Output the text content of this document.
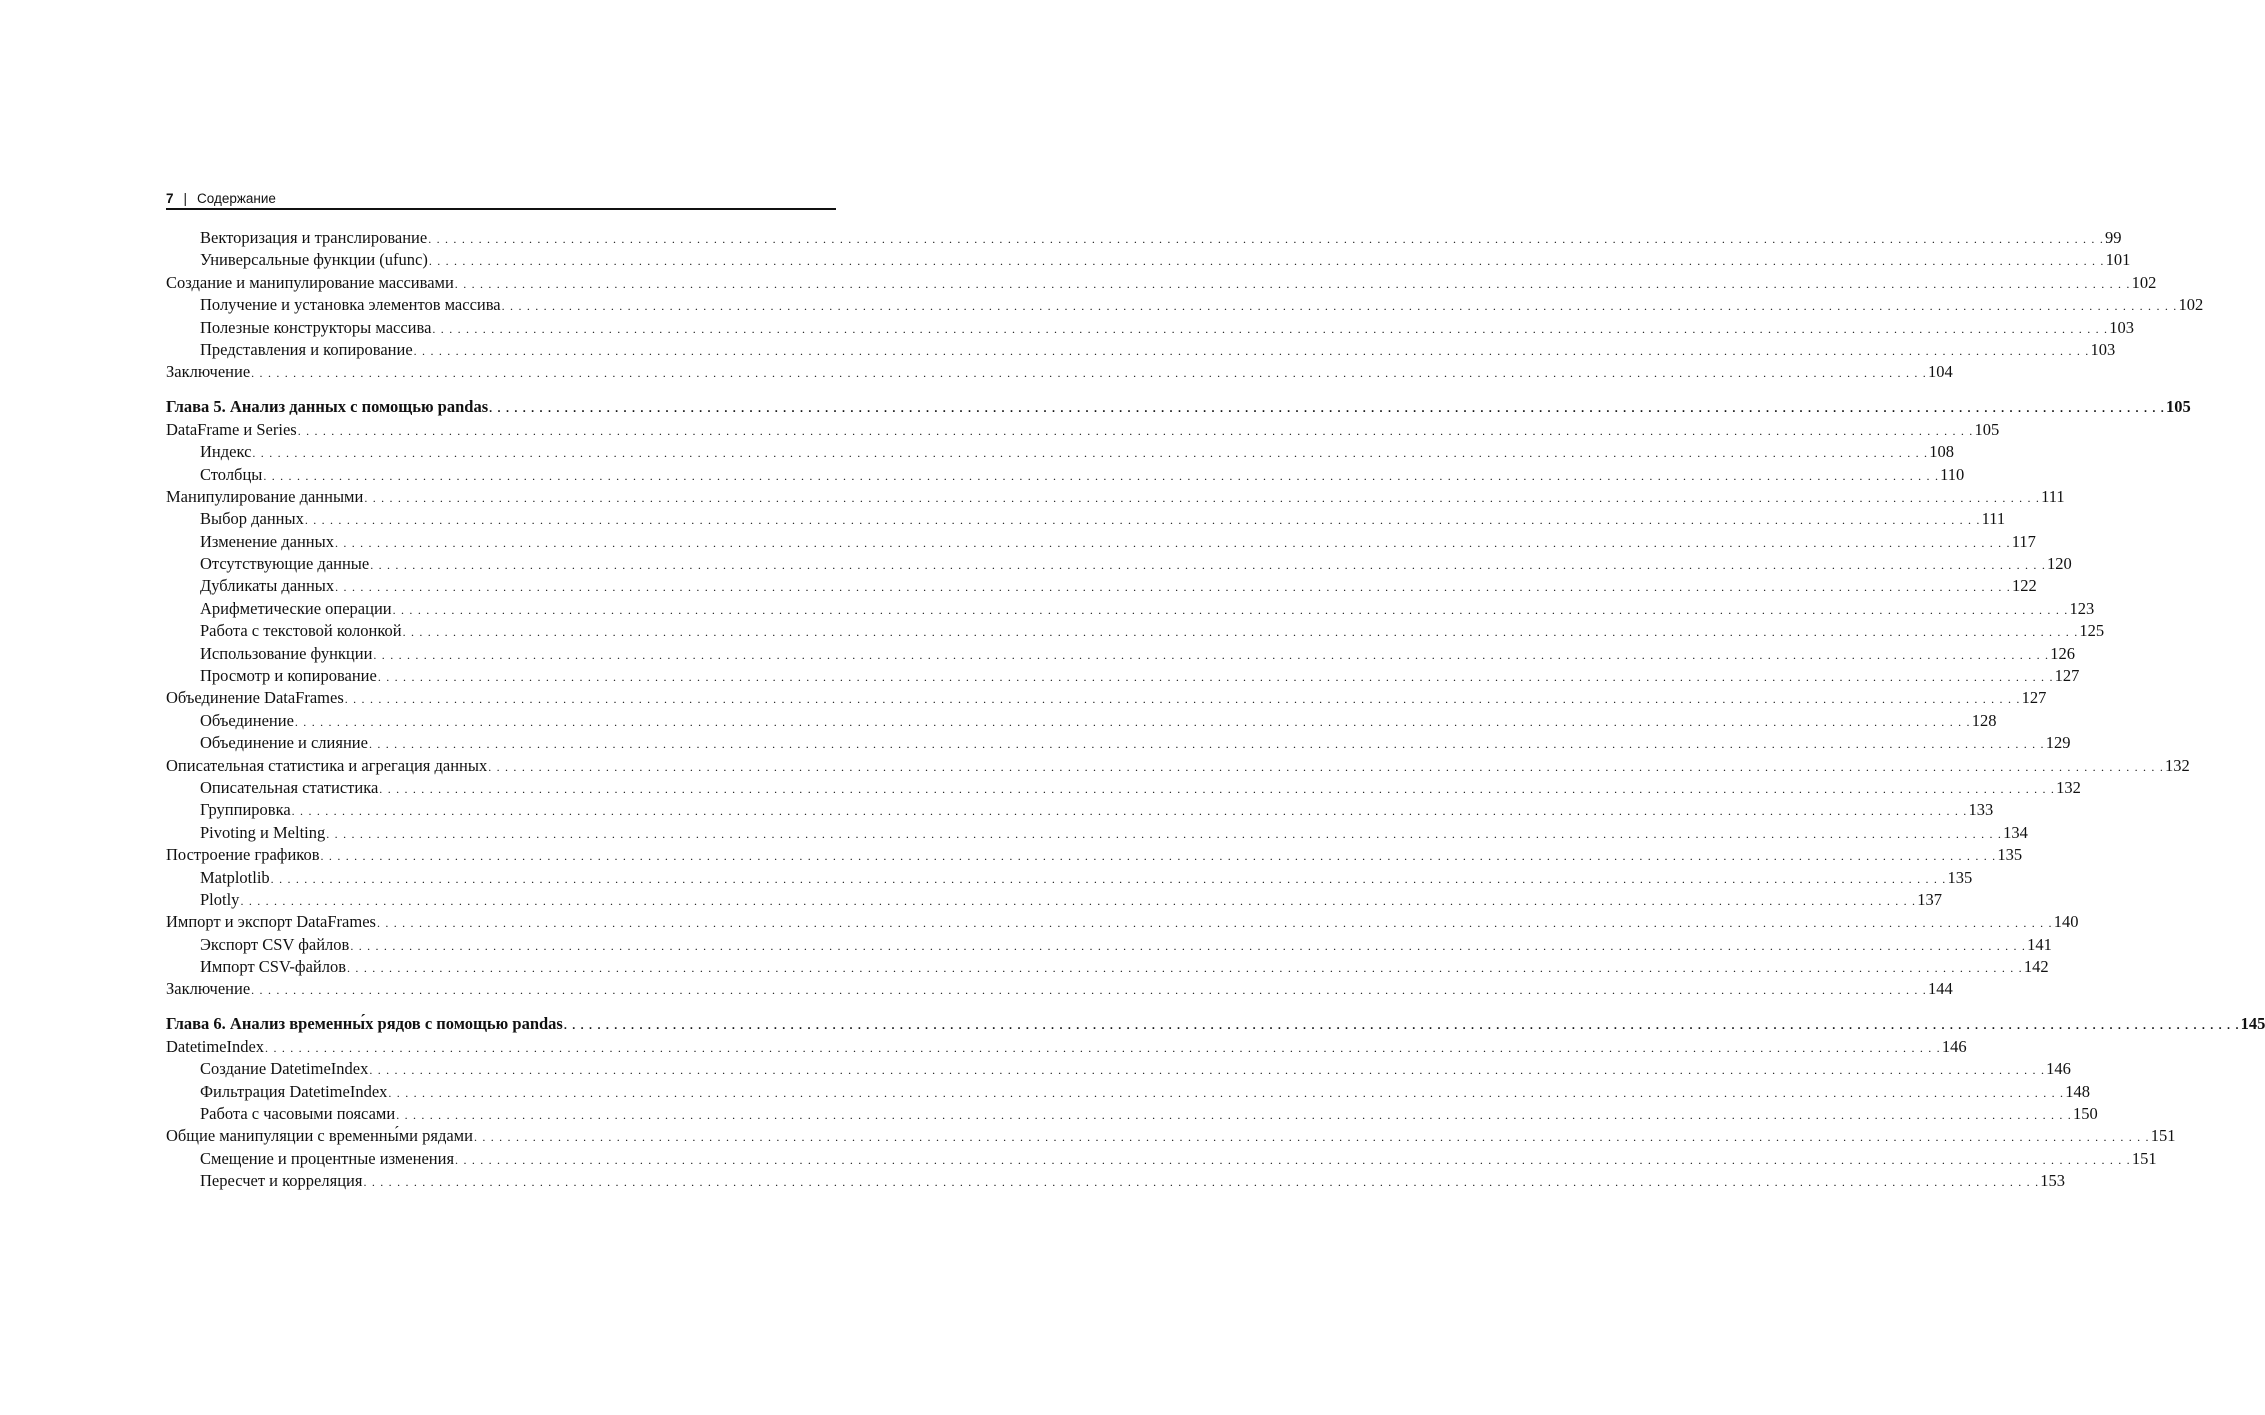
7 | Содержание
Векторизация и транслирование . . . . . . . . . . . . . . . . . . . . . . . . . . . . . . . . . . . . . . . . . . . . . . . . . . . . . . . . . . . . . . . . . . . . . . . . . . . . . . . . . . . . . . . . . . . . . . . . . . . . . . . . . . . . . . . . . . . . . . . . . . . . . . . . . . . . . . . . . . . . . . . . . . . . . . . . . . . . . . . . . . . . . . . . . . . . . . . . . . . . . . . . . . . . . . . . . . . . . . . . 99
Универсальные функции (ufunc) . . . . . . . . . . . . . . . . . . . . . . . . . . . . . . . . . . . . . . . . . . . . . . . . . . . . . . . . . . . . . . . . . . . . . . . . . . . . . . . . . . . . . . . . . . . . . . . . . . . . . . . . . . . . . . . . . . . . . . . . . . . . . . . . . . . . . . . . . . . . . . . . . . . . . . . . . . . . . . . . . . . . . . . . . . . . . . . . . . . . . . . . . . . . . . . . . . . . . . . . 101
Создание и манипулирование массивами . . . . . . . . . . . . . . . . . . . . . . . . . . . . . . . . . . . . . . . . . . . . . . . . . . . . . . . . . . . . . . . . . . . . . . . . . . . . . . . . . . . . . . . . . . . . . . . . . . . . . . . . . . . . . . . . . . . . . . . . . . . . . . . . . . . . . . . . . . . . . . . . . . . . . . . . . . . . . . . . . . . . . . . . . . . . . . . . . . . . . . . . . . . . . . . . . . . . . . . . 102
Получение и установка элементов массива . . . . . . . . . . . . . . . . . . . . . . . . . . . . . . . . . . . . . . . . . . . . . . . . . . . . . . . . . . . . . . . . . . . . . . . . . . . . . . . . . . . . . . . . . . . . . . . . . . . . . . . . . . . . . . . . . . . . . . . . . . . . . . . . . . . . . . . . . . . . . . . . . . . . . . . . . . . . . . . . . . . . . . . . . . . . . . . . . . . . . . . . . . . . . . . . . . . . . . . . 102
Полезные конструкторы массива . . . . . . . . . . . . . . . . . . . . . . . . . . . . . . . . . . . . . . . . . . . . . . . . . . . . . . . . . . . . . . . . . . . . . . . . . . . . . . . . . . . . . . . . . . . . . . . . . . . . . . . . . . . . . . . . . . . . . . . . . . . . . . . . . . . . . . . . . . . . . . . . . . . . . . . . . . . . . . . . . . . . . . . . . . . . . . . . . . . . . . . . . . . . . . . . . . . . . . . . 103
Представления и копирование . . . . . . . . . . . . . . . . . . . . . . . . . . . . . . . . . . . . . . . . . . . . . . . . . . . . . . . . . . . . . . . . . . . . . . . . . . . . . . . . . . . . . . . . . . . . . . . . . . . . . . . . . . . . . . . . . . . . . . . . . . . . . . . . . . . . . . . . . . . . . . . . . . . . . . . . . . . . . . . . . . . . . . . . . . . . . . . . . . . . . . . . . . . . . . . . . . . . . . . . 103
Заключение . . . . . . . . . . . . . . . . . . . . . . . . . . . . . . . . . . . . . . . . . . . . . . . . . . . . . . . . . . . . . . . . . . . . . . . . . . . . . . . . . . . . . . . . . . . . . . . . . . . . . . . . . . . . . . . . . . . . . . . . . . . . . . . . . . . . . . . . . . . . . . . . . . . . . . . . . . . . . . . . . . . . . . . . . . . . . . . . . . . . . . . . . . . . . . . . . . . . . . . . 104
Глава 5. Анализ данных с помощью pandas . . . . . . . . . . . . . . . . . . . . . . . . . . . . . . . . . . . . . . . . . . . . . . . . . . . . . . . . . . . . . . . . . . . . . . . . . . . . . . . . . . . . . . . . . . . . . . . . . . . . . . . . . . . . . . . . . . . . . . . . . . . . . . . . . . . . . . . . . . . . . . . . . . . . . . . . . . . . . . . . . . . . . . . . . . . . . . . . . . . . . . . . . . . . . . . . . . . . . . . . 105
DataFrame и Series . . . . . . . . . . . . . . . . . . . . . . . . . . . . . . . . . . . . . . . . . . . . . . . . . . . . . . . . . . . . . . . . . . . . . . . . . . . . . . . . . . . . . . . . . . . . . . . . . . . . . . . . . . . . . . . . . . . . . . . . . . . . . . . . . . . . . . . . . . . . . . . . . . . . . . . . . . . . . . . . . . . . . . . . . . . . . . . . . . . . . . . . . . . . . . . . . . . . . . . . 105
Индекс . . . . . . . . . . . . . . . . . . . . . . . . . . . . . . . . . . . . . . . . . . . . . . . . . . . . . . . . . . . . . . . . . . . . . . . . . . . . . . . . . . . . . . . . . . . . . . . . . . . . . . . . . . . . . . . . . . . . . . . . . . . . . . . . . . . . . . . . . . . . . . . . . . . . . . . . . . . . . . . . . . . . . . . . . . . . . . . . . . . . . . . . . . . . . . . . . . . . . . . . 108
Столбцы . . . . . . . . . . . . . . . . . . . . . . . . . . . . . . . . . . . . . . . . . . . . . . . . . . . . . . . . . . . . . . . . . . . . . . . . . . . . . . . . . . . . . . . . . . . . . . . . . . . . . . . . . . . . . . . . . . . . . . . . . . . . . . . . . . . . . . . . . . . . . . . . . . . . . . . . . . . . . . . . . . . . . . . . . . . . . . . . . . . . . . . . . . . . . . . . . . . . . . . . 110
Манипулирование данными . . . . . . . . . . . . . . . . . . . . . . . . . . . . . . . . . . . . . . . . . . . . . . . . . . . . . . . . . . . . . . . . . . . . . . . . . . . . . . . . . . . . . . . . . . . . . . . . . . . . . . . . . . . . . . . . . . . . . . . . . . . . . . . . . . . . . . . . . . . . . . . . . . . . . . . . . . . . . . . . . . . . . . . . . . . . . . . . . . . . . . . . . . . . . . . . . . . . . . . . 111
Выбор данных . . . . . . . . . . . . . . . . . . . . . . . . . . . . . . . . . . . . . . . . . . . . . . . . . . . . . . . . . . . . . . . . . . . . . . . . . . . . . . . . . . . . . . . . . . . . . . . . . . . . . . . . . . . . . . . . . . . . . . . . . . . . . . . . . . . . . . . . . . . . . . . . . . . . . . . . . . . . . . . . . . . . . . . . . . . . . . . . . . . . . . . . . . . . . . . . . . . . . . . . 111
Изменение данных . . . . . . . . . . . . . . . . . . . . . . . . . . . . . . . . . . . . . . . . . . . . . . . . . . . . . . . . . . . . . . . . . . . . . . . . . . . . . . . . . . . . . . . . . . . . . . . . . . . . . . . . . . . . . . . . . . . . . . . . . . . . . . . . . . . . . . . . . . . . . . . . . . . . . . . . . . . . . . . . . . . . . . . . . . . . . . . . . . . . . . . . . . . . . . . . . . . . . . . . 117
Отсутствующие данные . . . . . . . . . . . . . . . . . . . . . . . . . . . . . . . . . . . . . . . . . . . . . . . . . . . . . . . . . . . . . . . . . . . . . . . . . . . . . . . . . . . . . . . . . . . . . . . . . . . . . . . . . . . . . . . . . . . . . . . . . . . . . . . . . . . . . . . . . . . . . . . . . . . . . . . . . . . . . . . . . . . . . . . . . . . . . . . . . . . . . . . . . . . . . . . . . . . . . . . . 120
Дубликаты данных . . . . . . . . . . . . . . . . . . . . . . . . . . . . . . . . . . . . . . . . . . . . . . . . . . . . . . . . . . . . . . . . . . . . . . . . . . . . . . . . . . . . . . . . . . . . . . . . . . . . . . . . . . . . . . . . . . . . . . . . . . . . . . . . . . . . . . . . . . . . . . . . . . . . . . . . . . . . . . . . . . . . . . . . . . . . . . . . . . . . . . . . . . . . . . . . . . . . . . . . 122
Арифметические операции . . . . . . . . . . . . . . . . . . . . . . . . . . . . . . . . . . . . . . . . . . . . . . . . . . . . . . . . . . . . . . . . . . . . . . . . . . . . . . . . . . . . . . . . . . . . . . . . . . . . . . . . . . . . . . . . . . . . . . . . . . . . . . . . . . . . . . . . . . . . . . . . . . . . . . . . . . . . . . . . . . . . . . . . . . . . . . . . . . . . . . . . . . . . . . . . . . . . . . . . 123
Работа с текстовой колонкой . . . . . . . . . . . . . . . . . . . . . . . . . . . . . . . . . . . . . . . . . . . . . . . . . . . . . . . . . . . . . . . . . . . . . . . . . . . . . . . . . . . . . . . . . . . . . . . . . . . . . . . . . . . . . . . . . . . . . . . . . . . . . . . . . . . . . . . . . . . . . . . . . . . . . . . . . . . . . . . . . . . . . . . . . . . . . . . . . . . . . . . . . . . . . . . . . . . . . . . . 125
Использование функции . . . . . . . . . . . . . . . . . . . . . . . . . . . . . . . . . . . . . . . . . . . . . . . . . . . . . . . . . . . . . . . . . . . . . . . . . . . . . . . . . . . . . . . . . . . . . . . . . . . . . . . . . . . . . . . . . . . . . . . . . . . . . . . . . . . . . . . . . . . . . . . . . . . . . . . . . . . . . . . . . . . . . . . . . . . . . . . . . . . . . . . . . . . . . . . . . . . . . . . . 126
Просмотр и копирование . . . . . . . . . . . . . . . . . . . . . . . . . . . . . . . . . . . . . . . . . . . . . . . . . . . . . . . . . . . . . . . . . . . . . . . . . . . . . . . . . . . . . . . . . . . . . . . . . . . . . . . . . . . . . . . . . . . . . . . . . . . . . . . . . . . . . . . . . . . . . . . . . . . . . . . . . . . . . . . . . . . . . . . . . . . . . . . . . . . . . . . . . . . . . . . . . . . . . . . . 127
Объединение DataFrames . . . . . . . . . . . . . . . . . . . . . . . . . . . . . . . . . . . . . . . . . . . . . . . . . . . . . . . . . . . . . . . . . . . . . . . . . . . . . . . . . . . . . . . . . . . . . . . . . . . . . . . . . . . . . . . . . . . . . . . . . . . . . . . . . . . . . . . . . . . . . . . . . . . . . . . . . . . . . . . . . . . . . . . . . . . . . . . . . . . . . . . . . . . . . . . . . . . . . . . . 127
Объединение . . . . . . . . . . . . . . . . . . . . . . . . . . . . . . . . . . . . . . . . . . . . . . . . . . . . . . . . . . . . . . . . . . . . . . . . . . . . . . . . . . . . . . . . . . . . . . . . . . . . . . . . . . . . . . . . . . . . . . . . . . . . . . . . . . . . . . . . . . . . . . . . . . . . . . . . . . . . . . . . . . . . . . . . . . . . . . . . . . . . . . . . . . . . . . . . . . . . . . . . 128
Объединение и слияние . . . . . . . . . . . . . . . . . . . . . . . . . . . . . . . . . . . . . . . . . . . . . . . . . . . . . . . . . . . . . . . . . . . . . . . . . . . . . . . . . . . . . . . . . . . . . . . . . . . . . . . . . . . . . . . . . . . . . . . . . . . . . . . . . . . . . . . . . . . . . . . . . . . . . . . . . . . . . . . . . . . . . . . . . . . . . . . . . . . . . . . . . . . . . . . . . . . . . . . . 129
Описательная статистика и агрегация данных . . . . . . . . . . . . . . . . . . . . . . . . . . . . . . . . . . . . . . . . . . . . . . . . . . . . . . . . . . . . . . . . . . . . . . . . . . . . . . . . . . . . . . . . . . . . . . . . . . . . . . . . . . . . . . . . . . . . . . . . . . . . . . . . . . . . . . . . . . . . . . . . . . . . . . . . . . . . . . . . . . . . . . . . . . . . . . . . . . . . . . . . . . . . . . . . . . . . . . . . 132
Описательная статистика . . . . . . . . . . . . . . . . . . . . . . . . . . . . . . . . . . . . . . . . . . . . . . . . . . . . . . . . . . . . . . . . . . . . . . . . . . . . . . . . . . . . . . . . . . . . . . . . . . . . . . . . . . . . . . . . . . . . . . . . . . . . . . . . . . . . . . . . . . . . . . . . . . . . . . . . . . . . . . . . . . . . . . . . . . . . . . . . . . . . . . . . . . . . . . . . . . . . . . . . 132
Группировка . . . . . . . . . . . . . . . . . . . . . . . . . . . . . . . . . . . . . . . . . . . . . . . . . . . . . . . . . . . . . . . . . . . . . . . . . . . . . . . . . . . . . . . . . . . . . . . . . . . . . . . . . . . . . . . . . . . . . . . . . . . . . . . . . . . . . . . . . . . . . . . . . . . . . . . . . . . . . . . . . . . . . . . . . . . . . . . . . . . . . . . . . . . . . . . . . . . . . . . . 133
Pivoting и Melting . . . . . . . . . . . . . . . . . . . . . . . . . . . . . . . . . . . . . . . . . . . . . . . . . . . . . . . . . . . . . . . . . . . . . . . . . . . . . . . . . . . . . . . . . . . . . . . . . . . . . . . . . . . . . . . . . . . . . . . . . . . . . . . . . . . . . . . . . . . . . . . . . . . . . . . . . . . . . . . . . . . . . . . . . . . . . . . . . . . . . . . . . . . . . . . . . . . . . . . . 134
Построение графиков . . . . . . . . . . . . . . . . . . . . . . . . . . . . . . . . . . . . . . . . . . . . . . . . . . . . . . . . . . . . . . . . . . . . . . . . . . . . . . . . . . . . . . . . . . . . . . . . . . . . . . . . . . . . . . . . . . . . . . . . . . . . . . . . . . . . . . . . . . . . . . . . . . . . . . . . . . . . . . . . . . . . . . . . . . . . . . . . . . . . . . . . . . . . . . . . . . . . . . . . 135
Matplotlib . . . . . . . . . . . . . . . . . . . . . . . . . . . . . . . . . . . . . . . . . . . . . . . . . . . . . . . . . . . . . . . . . . . . . . . . . . . . . . . . . . . . . . . . . . . . . . . . . . . . . . . . . . . . . . . . . . . . . . . . . . . . . . . . . . . . . . . . . . . . . . . . . . . . . . . . . . . . . . . . . . . . . . . . . . . . . . . . . . . . . . . . . . . . . . . . . . . . . . . . 135
Plotly . . . . . . . . . . . . . . . . . . . . . . . . . . . . . . . . . . . . . . . . . . . . . . . . . . . . . . . . . . . . . . . . . . . . . . . . . . . . . . . . . . . . . . . . . . . . . . . . . . . . . . . . . . . . . . . . . . . . . . . . . . . . . . . . . . . . . . . . . . . . . . . . . . . . . . . . . . . . . . . . . . . . . . . . . . . . . . . . . . . . . . . . . . . . . . . . . . . . . . . . 137
Импорт и экспорт DataFrames . . . . . . . . . . . . . . . . . . . . . . . . . . . . . . . . . . . . . . . . . . . . . . . . . . . . . . . . . . . . . . . . . . . . . . . . . . . . . . . . . . . . . . . . . . . . . . . . . . . . . . . . . . . . . . . . . . . . . . . . . . . . . . . . . . . . . . . . . . . . . . . . . . . . . . . . . . . . . . . . . . . . . . . . . . . . . . . . . . . . . . . . . . . . . . . . . . . . . . . . 140
Экспорт CSV файлов . . . . . . . . . . . . . . . . . . . . . . . . . . . . . . . . . . . . . . . . . . . . . . . . . . . . . . . . . . . . . . . . . . . . . . . . . . . . . . . . . . . . . . . . . . . . . . . . . . . . . . . . . . . . . . . . . . . . . . . . . . . . . . . . . . . . . . . . . . . . . . . . . . . . . . . . . . . . . . . . . . . . . . . . . . . . . . . . . . . . . . . . . . . . . . . . . . . . . . . . 141
Импорт CSV-файлов . . . . . . . . . . . . . . . . . . . . . . . . . . . . . . . . . . . . . . . . . . . . . . . . . . . . . . . . . . . . . . . . . . . . . . . . . . . . . . . . . . . . . . . . . . . . . . . . . . . . . . . . . . . . . . . . . . . . . . . . . . . . . . . . . . . . . . . . . . . . . . . . . . . . . . . . . . . . . . . . . . . . . . . . . . . . . . . . . . . . . . . . . . . . . . . . . . . . . . . . 142
Заключение . . . . . . . . . . . . . . . . . . . . . . . . . . . . . . . . . . . . . . . . . . . . . . . . . . . . . . . . . . . . . . . . . . . . . . . . . . . . . . . . . . . . . . . . . . . . . . . . . . . . . . . . . . . . . . . . . . . . . . . . . . . . . . . . . . . . . . . . . . . . . . . . . . . . . . . . . . . . . . . . . . . . . . . . . . . . . . . . . . . . . . . . . . . . . . . . . . . . . . . . 144
Глава 6. Анализ временны́х рядов с помощью pandas . . . . . . . . . . . . . . . . . . . . . . . . . . . . . . . . . . . . . . . . . . . . . . . . . . . . . . . . . . . . . . . . . . . . . . . . . . . . . . . . . . . . . . . . . . . . . . . . . . . . . . . . . . . . . . . . . . . . . . . . . . . . . . . . . . . . . . . . . . . . . . . . . . . . . . . . . . . . . . . . . . . . . . . . . . . . . . . . . . . . . . . . . . . . . . . . . . . . . . . . 145
DatetimeIndex . . . . . . . . . . . . . . . . . . . . . . . . . . . . . . . . . . . . . . . . . . . . . . . . . . . . . . . . . . . . . . . . . . . . . . . . . . . . . . . . . . . . . . . . . . . . . . . . . . . . . . . . . . . . . . . . . . . . . . . . . . . . . . . . . . . . . . . . . . . . . . . . . . . . . . . . . . . . . . . . . . . . . . . . . . . . . . . . . . . . . . . . . . . . . . . . . . . . . . . . 146
Создание DatetimeIndex . . . . . . . . . . . . . . . . . . . . . . . . . . . . . . . . . . . . . . . . . . . . . . . . . . . . . . . . . . . . . . . . . . . . . . . . . . . . . . . . . . . . . . . . . . . . . . . . . . . . . . . . . . . . . . . . . . . . . . . . . . . . . . . . . . . . . . . . . . . . . . . . . . . . . . . . . . . . . . . . . . . . . . . . . . . . . . . . . . . . . . . . . . . . . . . . . . . . . . . . 146
Фильтрация DatetimeIndex . . . . . . . . . . . . . . . . . . . . . . . . . . . . . . . . . . . . . . . . . . . . . . . . . . . . . . . . . . . . . . . . . . . . . . . . . . . . . . . . . . . . . . . . . . . . . . . . . . . . . . . . . . . . . . . . . . . . . . . . . . . . . . . . . . . . . . . . . . . . . . . . . . . . . . . . . . . . . . . . . . . . . . . . . . . . . . . . . . . . . . . . . . . . . . . . . . . . . . . . 148
Работа с часовыми поясами . . . . . . . . . . . . . . . . . . . . . . . . . . . . . . . . . . . . . . . . . . . . . . . . . . . . . . . . . . . . . . . . . . . . . . . . . . . . . . . . . . . . . . . . . . . . . . . . . . . . . . . . . . . . . . . . . . . . . . . . . . . . . . . . . . . . . . . . . . . . . . . . . . . . . . . . . . . . . . . . . . . . . . . . . . . . . . . . . . . . . . . . . . . . . . . . . . . . . . . . 150
Общие манипуляции с временны́ми рядами . . . . . . . . . . . . . . . . . . . . . . . . . . . . . . . . . . . . . . . . . . . . . . . . . . . . . . . . . . . . . . . . . . . . . . . . . . . . . . . . . . . . . . . . . . . . . . . . . . . . . . . . . . . . . . . . . . . . . . . . . . . . . . . . . . . . . . . . . . . . . . . . . . . . . . . . . . . . . . . . . . . . . . . . . . . . . . . . . . . . . . . . . . . . . . . . . . . . . . . . 151
Смещение и процентные изменения . . . . . . . . . . . . . . . . . . . . . . . . . . . . . . . . . . . . . . . . . . . . . . . . . . . . . . . . . . . . . . . . . . . . . . . . . . . . . . . . . . . . . . . . . . . . . . . . . . . . . . . . . . . . . . . . . . . . . . . . . . . . . . . . . . . . . . . . . . . . . . . . . . . . . . . . . . . . . . . . . . . . . . . . . . . . . . . . . . . . . . . . . . . . . . . . . . . . . . . . 151
Пересчет и корреляция . . . . . . . . . . . . . . . . . . . . . . . . . . . . . . . . . . . . . . . . . . . . . . . . . . . . . . . . . . . . . . . . . . . . . . . . . . . . . . . . . . . . . . . . . . . . . . . . . . . . . . . . . . . . . . . . . . . . . . . . . . . . . . . . . . . . . . . . . . . . . . . . . . . . . . . . . . . . . . . . . . . . . . . . . . . . . . . . . . . . . . . . . . . . . . . . . . . . . . . . 153
